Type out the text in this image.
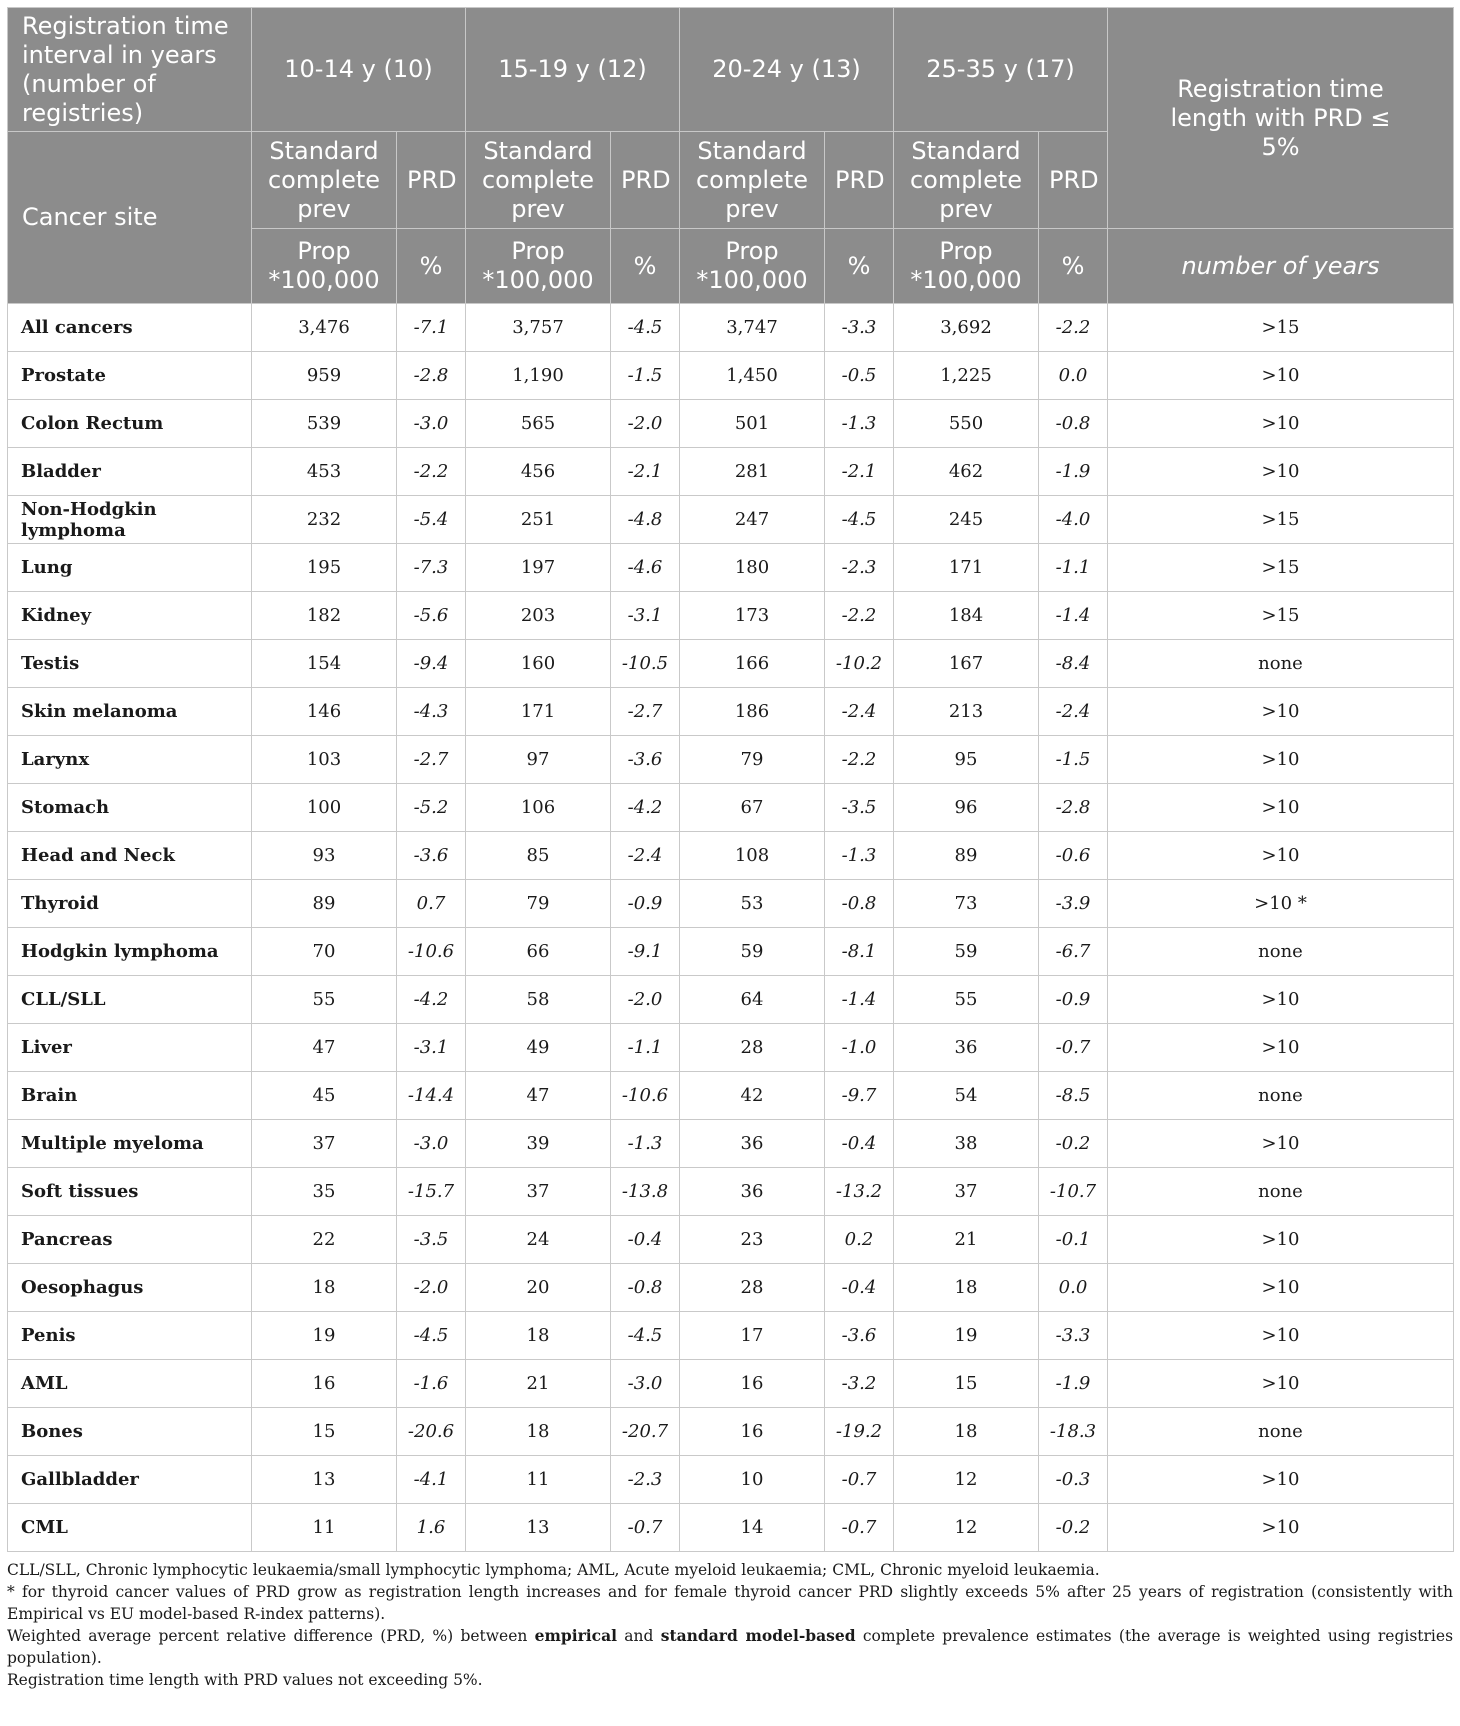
Registration time interval in years (number of registries)	10-14 y (10)		15-19 y (12)		20-24 y (13)		25-35 y (17)		Registration time length with PRD ≤ 5%
Cancer site	Standard complete prev	PRD	Standard complete prev	PRD	Standard complete prev	PRD	Standard complete prev	PRD	
	Prop *100,000	%	Prop *100,000	%	Prop *100,000	%	Prop *100,000	%	number of years
All cancers	3,476	-7.1	3,757	-4.5	3,747	-3.3	3,692	-2.2	>15
Prostate	959	-2.8	1,190	-1.5	1,450	-0.5	1,225	0.0	>10
Colon Rectum	539	-3.0	565	-2.0	501	-1.3	550	-0.8	>10
Bladder	453	-2.2	456	-2.1	281	-2.1	462	-1.9	>10
Non-Hodgkin lymphoma	232	-5.4	251	-4.8	247	-4.5	245	-4.0	>15
Lung	195	-7.3	197	-4.6	180	-2.3	171	-1.1	>15
Kidney	182	-5.6	203	-3.1	173	-2.2	184	-1.4	>15
Testis	154	-9.4	160	-10.5	166	-10.2	167	-8.4	none
Skin melanoma	146	-4.3	171	-2.7	186	-2.4	213	-2.4	>10
Larynx	103	-2.7	97	-3.6	79	-2.2	95	-1.5	>10
Stomach	100	-5.2	106	-4.2	67	-3.5	96	-2.8	>10
Head and Neck	93	-3.6	85	-2.4	108	-1.3	89	-0.6	>10
Thyroid	89	0.7	79	-0.9	53	-0.8	73	-3.9	>10 *
Hodgkin lymphoma	70	-10.6	66	-9.1	59	-8.1	59	-6.7	none
CLL/SLL	55	-4.2	58	-2.0	64	-1.4	55	-0.9	>10
Liver	47	-3.1	49	-1.1	28	-1.0	36	-0.7	>10
Brain	45	-14.4	47	-10.6	42	-9.7	54	-8.5	none
Multiple myeloma	37	-3.0	39	-1.3	36	-0.4	38	-0.2	>10
Soft tissues	35	-15.7	37	-13.8	36	-13.2	37	-10.7	none
Pancreas	22	-3.5	24	-0.4	23	0.2	21	-0.1	>10
Oesophagus	18	-2.0	20	-0.8	28	-0.4	18	0.0	>10
Penis	19	-4.5	18	-4.5	17	-3.6	19	-3.3	>10
AML	16	-1.6	21	-3.0	16	-3.2	15	-1.9	>10
Bones	15	-20.6	18	-20.7	16	-19.2	18	-18.3	none
Gallbladder	13	-4.1	11	-2.3	10	-0.7	12	-0.3	>10
CML	11	1.6	13	-0.7	14	-0.7	12	-0.2	>10

CLL/SLL, Chronic lymphocytic leukaemia/small lymphocytic lymphoma; AML, Acute myeloid leukaemia; CML, Chronic myeloid leukaemia.

* for thyroid cancer values of PRD grow as registration length increases and for female thyroid cancer PRD slightly exceeds 5% after 25 years of registration (consistently with Empirical vs EU model-based R-index patterns).

Weighted average percent relative difference (PRD, %) between empirical and standard model-based complete prevalence estimates (the average is weighted using registries population).

Registration time length with PRD values not exceeding 5%.
